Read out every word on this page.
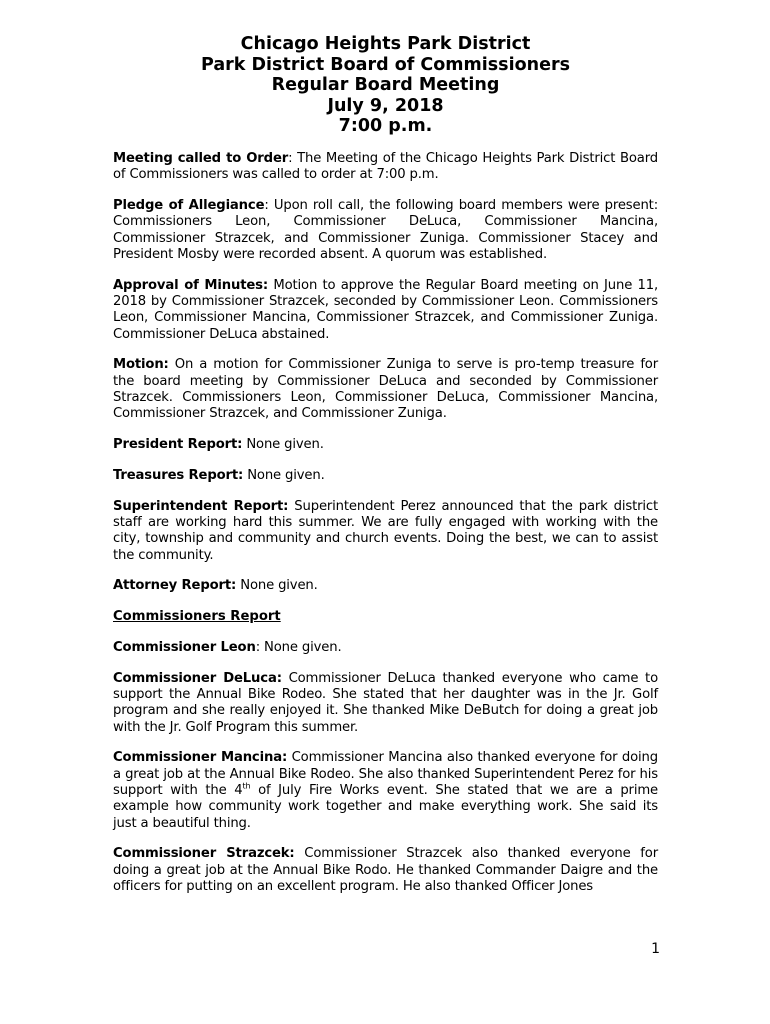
Chicago Heights Park District
Park District Board of Commissioners
Regular Board Meeting
July 9, 2018
7:00 p.m.

Meeting called to Order: The Meeting of the Chicago Heights Park District Board of Commissioners was called to order at 7:00 p.m.

Pledge of Allegiance: Upon roll call, the following board members were present: Commissioners Leon, Commissioner DeLuca, Commissioner Mancina, Commissioner Strazcek, and Commissioner Zuniga. Commissioner Stacey and President Mosby were recorded absent. A quorum was established.

Approval of Minutes: Motion to approve the Regular Board meeting on June 11, 2018 by Commissioner Strazcek, seconded by Commissioner Leon. Commissioners Leon, Commissioner Mancina, Commissioner Strazcek, and Commissioner Zuniga. Commissioner DeLuca abstained.

Motion: On a motion for Commissioner Zuniga to serve is pro-temp treasure for the board meeting by Commissioner DeLuca and seconded by Commissioner Strazcek. Commissioners Leon, Commissioner DeLuca, Commissioner Mancina, Commissioner Strazcek, and Commissioner Zuniga.

President Report: None given.

Treasures Report: None given.

Superintendent Report: Superintendent Perez announced that the park district staff are working hard this summer. We are fully engaged with working with the city, township and community and church events. Doing the best, we can to assist the community.

Attorney Report: None given.

Commissioners Report

Commissioner Leon: None given.

Commissioner DeLuca: Commissioner DeLuca thanked everyone who came to support the Annual Bike Rodeo. She stated that her daughter was in the Jr. Golf program and she really enjoyed it. She thanked Mike DeButch for doing a great job with the Jr. Golf Program this summer.

Commissioner Mancina: Commissioner Mancina also thanked everyone for doing a great job at the Annual Bike Rodeo. She also thanked Superintendent Perez for his support with the 4th of July Fire Works event. She stated that we are a prime example how community work together and make everything work. She said its just a beautiful thing.

Commissioner Strazcek: Commissioner Strazcek also thanked everyone for doing a great job at the Annual Bike Rodo. He thanked Commander Daigre and the officers for putting on an excellent program. He also thanked Officer Jones

1
